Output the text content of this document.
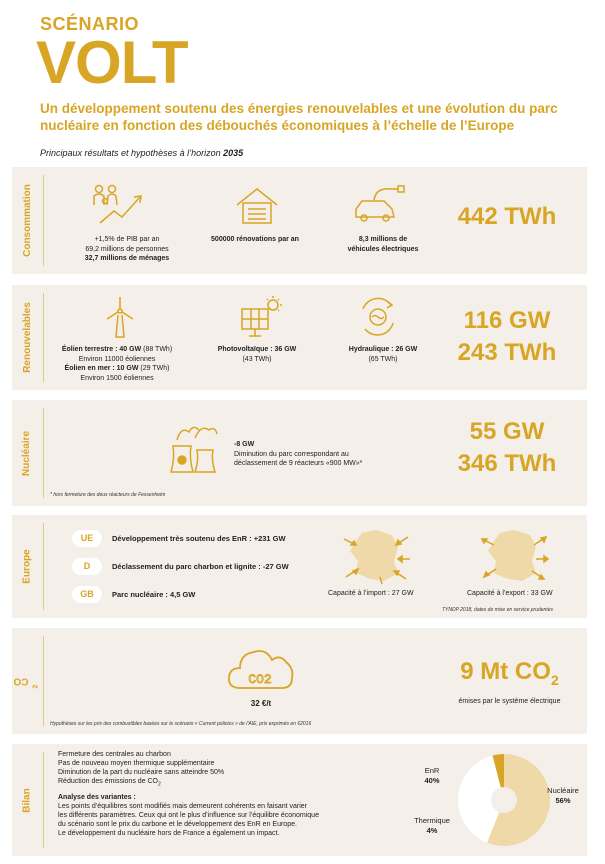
SCÉNARIO
VOLT
Un développement soutenu des énergies renouvelables et une évolution du parc nucléaire en fonction des débouchés économiques à l’échelle de l’Europe
Principaux résultats et hypothèses à l’horizon 2035
Consommation	+1,5% de PIB par an
69,2 millions de personnes
32,7 millions de ménages
500000 rénovations par an	8,3 millions de
véhicules électriques
442 TWh
Renouvelables	Éolien terrestre : 40 GW (88 TWh)
Environ 11000 éoliennes
Éolien en mer : 10 GW (29 TWh)
Environ 1500 éoliennes
Photovoltaïque : 36 GW
(43 TWh)
Hydraulique : 26 GW
(65 TWh)
116 GW
243 TWh
Nucléaire	-8 GW
Diminution du parc correspondant au
déclassement de 9 réacteurs «900 MW»*
* hors fermeture des deux réacteurs de Fessenheim
55 GW
346 TWh
Europe
UE	Développement très soutenu des EnR : +231 GW
D	Déclassement du parc charbon et lignite : -27 GW
GB	Parc nucléaire : 4,5 GW	Capacité à l’import : 27 GW	Capacité à l’export : 33 GW
TYNDP 2018, dates de mise en service prudentes
CO
$_2$	CO2
32 €/t
9 Mt $CO_2$
émises par le système électrique
Hypothèses sur les prix des combustibles basées sur le scénario « Current policies » de l’AIE, prix exprimés en €2016
Bilan
Fermeture des centrales au charbon
Pas de nouveau moyen thermique supplémentaire
Diminution de la part du nucléaire sans atteindre 50%
Réduction des émissions de $CO_2$
Analyse des variantes :
Les points d’équilibres sont modifiés mais demeurent cohérents en faisant varier
les différents paramètres. Ceux qui ont le plus d’influence sur l’équilibre économique
du scénario sont le prix du carbone et le développement des EnR en Europe.
Le développement du nucléaire hors de France a également un impact.
EnR
40%
Thermique
4%
Nucléaire
56%
